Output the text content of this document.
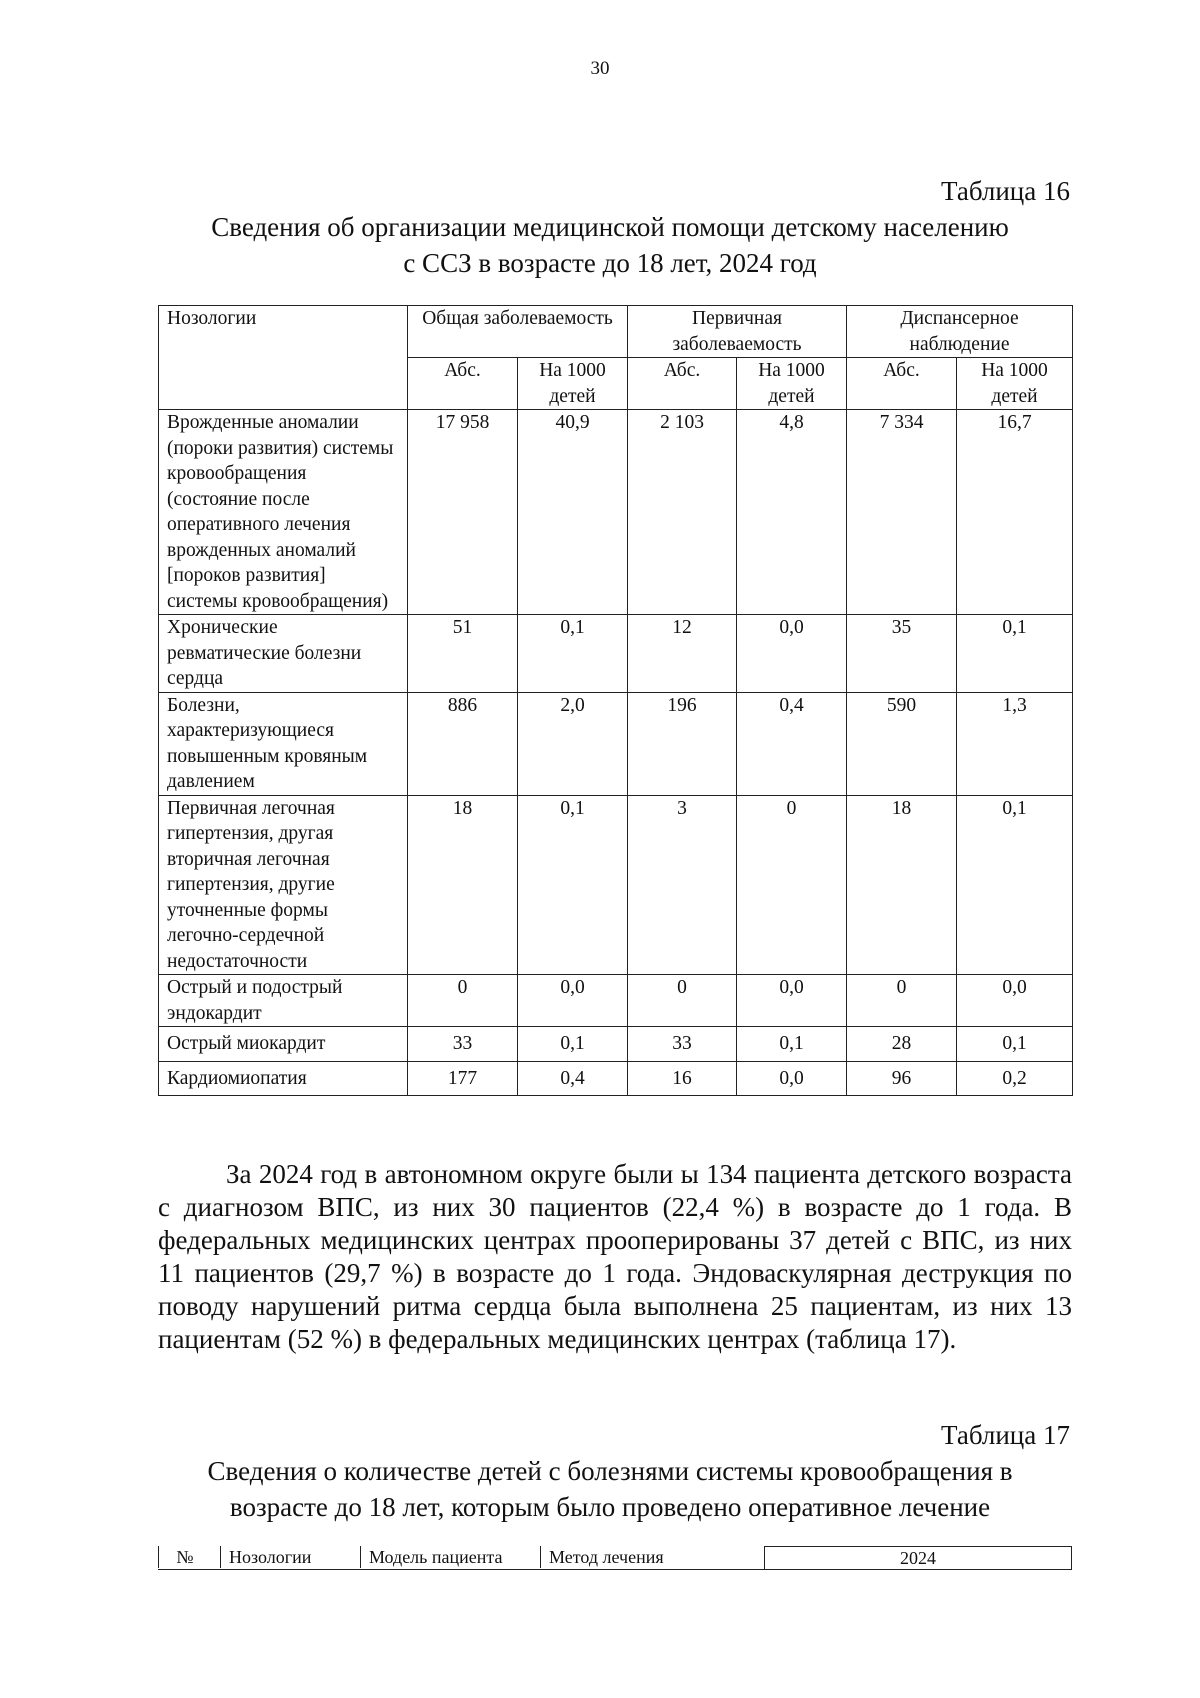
30
Таблица 16
Сведения об организации медицинской помощи детскому населению
с ССЗ в возрасте до 18 лет, 2024 год
Нозологии	Общая заболеваемость		Первичная заболеваемость		Диспансерное наблюдение	
	Абс.	На 1000 детей	Абс.	На 1000 детей	Абс.	На 1000 детей
Врожденные аномалии (пороки развития) системы кровообращения (состояние после оперативного лечения врожденных аномалий [пороков развития] системы кровообращения)	17 958	40,9	2 103	4,8	7 334	16,7
Хронические ревматические болезни сердца	51	0,1	12	0,0	35	0,1
Болезни, характеризующиеся повышенным кровяным давлением	886	2,0	196	0,4	590	1,3
Первичная легочная гипертензия, другая вторичная легочная гипертензия, другие уточненные формы легочно-сердечной недостаточности	18	0,1	3	0	18	0,1
Острый и подострый эндокардит	0	0,0	0	0,0	0	0,0
Острый миокардит	33	0,1	33	0,1	28	0,1
Кардиомиопатия	177	0,4	16	0,0	96	0,2

За 2024 год в автономном округе были ы 134 пациента детского возраста с диагнозом ВПС, из них 30 пациентов (22,4 %) в возрасте до 1 года. В федеральных медицинских центрах прооперированы 37 детей с ВПС, из них 11 пациентов (29,7 %) в возрасте до 1 года. Эндоваскулярная деструкция по поводу нарушений ритма сердца была выполнена 25 пациентам, из них 13 пациентам (52 %) в федеральных медицинских центрах (таблица 17).

Таблица 17
Сведения о количестве детей с болезнями системы кровообращения в
возрасте до 18 лет, которым было проведено оперативное лечение
№	Нозологии	Модель пациента	Метод лечения	2024
